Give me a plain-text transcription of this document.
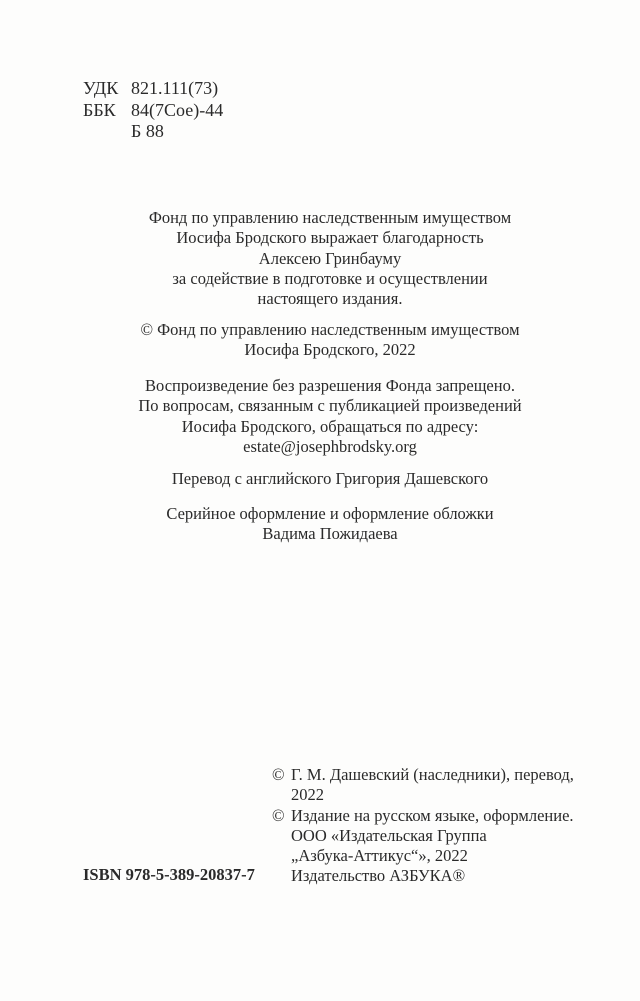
УДК 821.111(73)
ББК 84(7Сое)-44
Б 88
Фонд по управлению наследственным имуществом
Иосифа Бродского выражает благодарность
Алексею Гринбауму
за содействие в подготовке и осуществлении
настоящего издания.
© Фонд по управлению наследственным имуществом
Иосифа Бродского, 2022
Воспроизведение без разрешения Фонда запрещено.
По вопросам, связанным с публикацией произведений
Иосифа Бродского, обращаться по адресу:
estate@josephbrodsky.org
Перевод с английского Григория Дашевского
Серийное оформление и оформление обложки
Вадима Пожидаева
© Г. М. Дашевский (наследники), перевод,
2022
© Издание на русском языке, оформление.
ООО «Издательская Группа
„Азбука-Аттикус“», 2022
Издательство АЗБУКА®
ISBN 978-5-389-20837-7
